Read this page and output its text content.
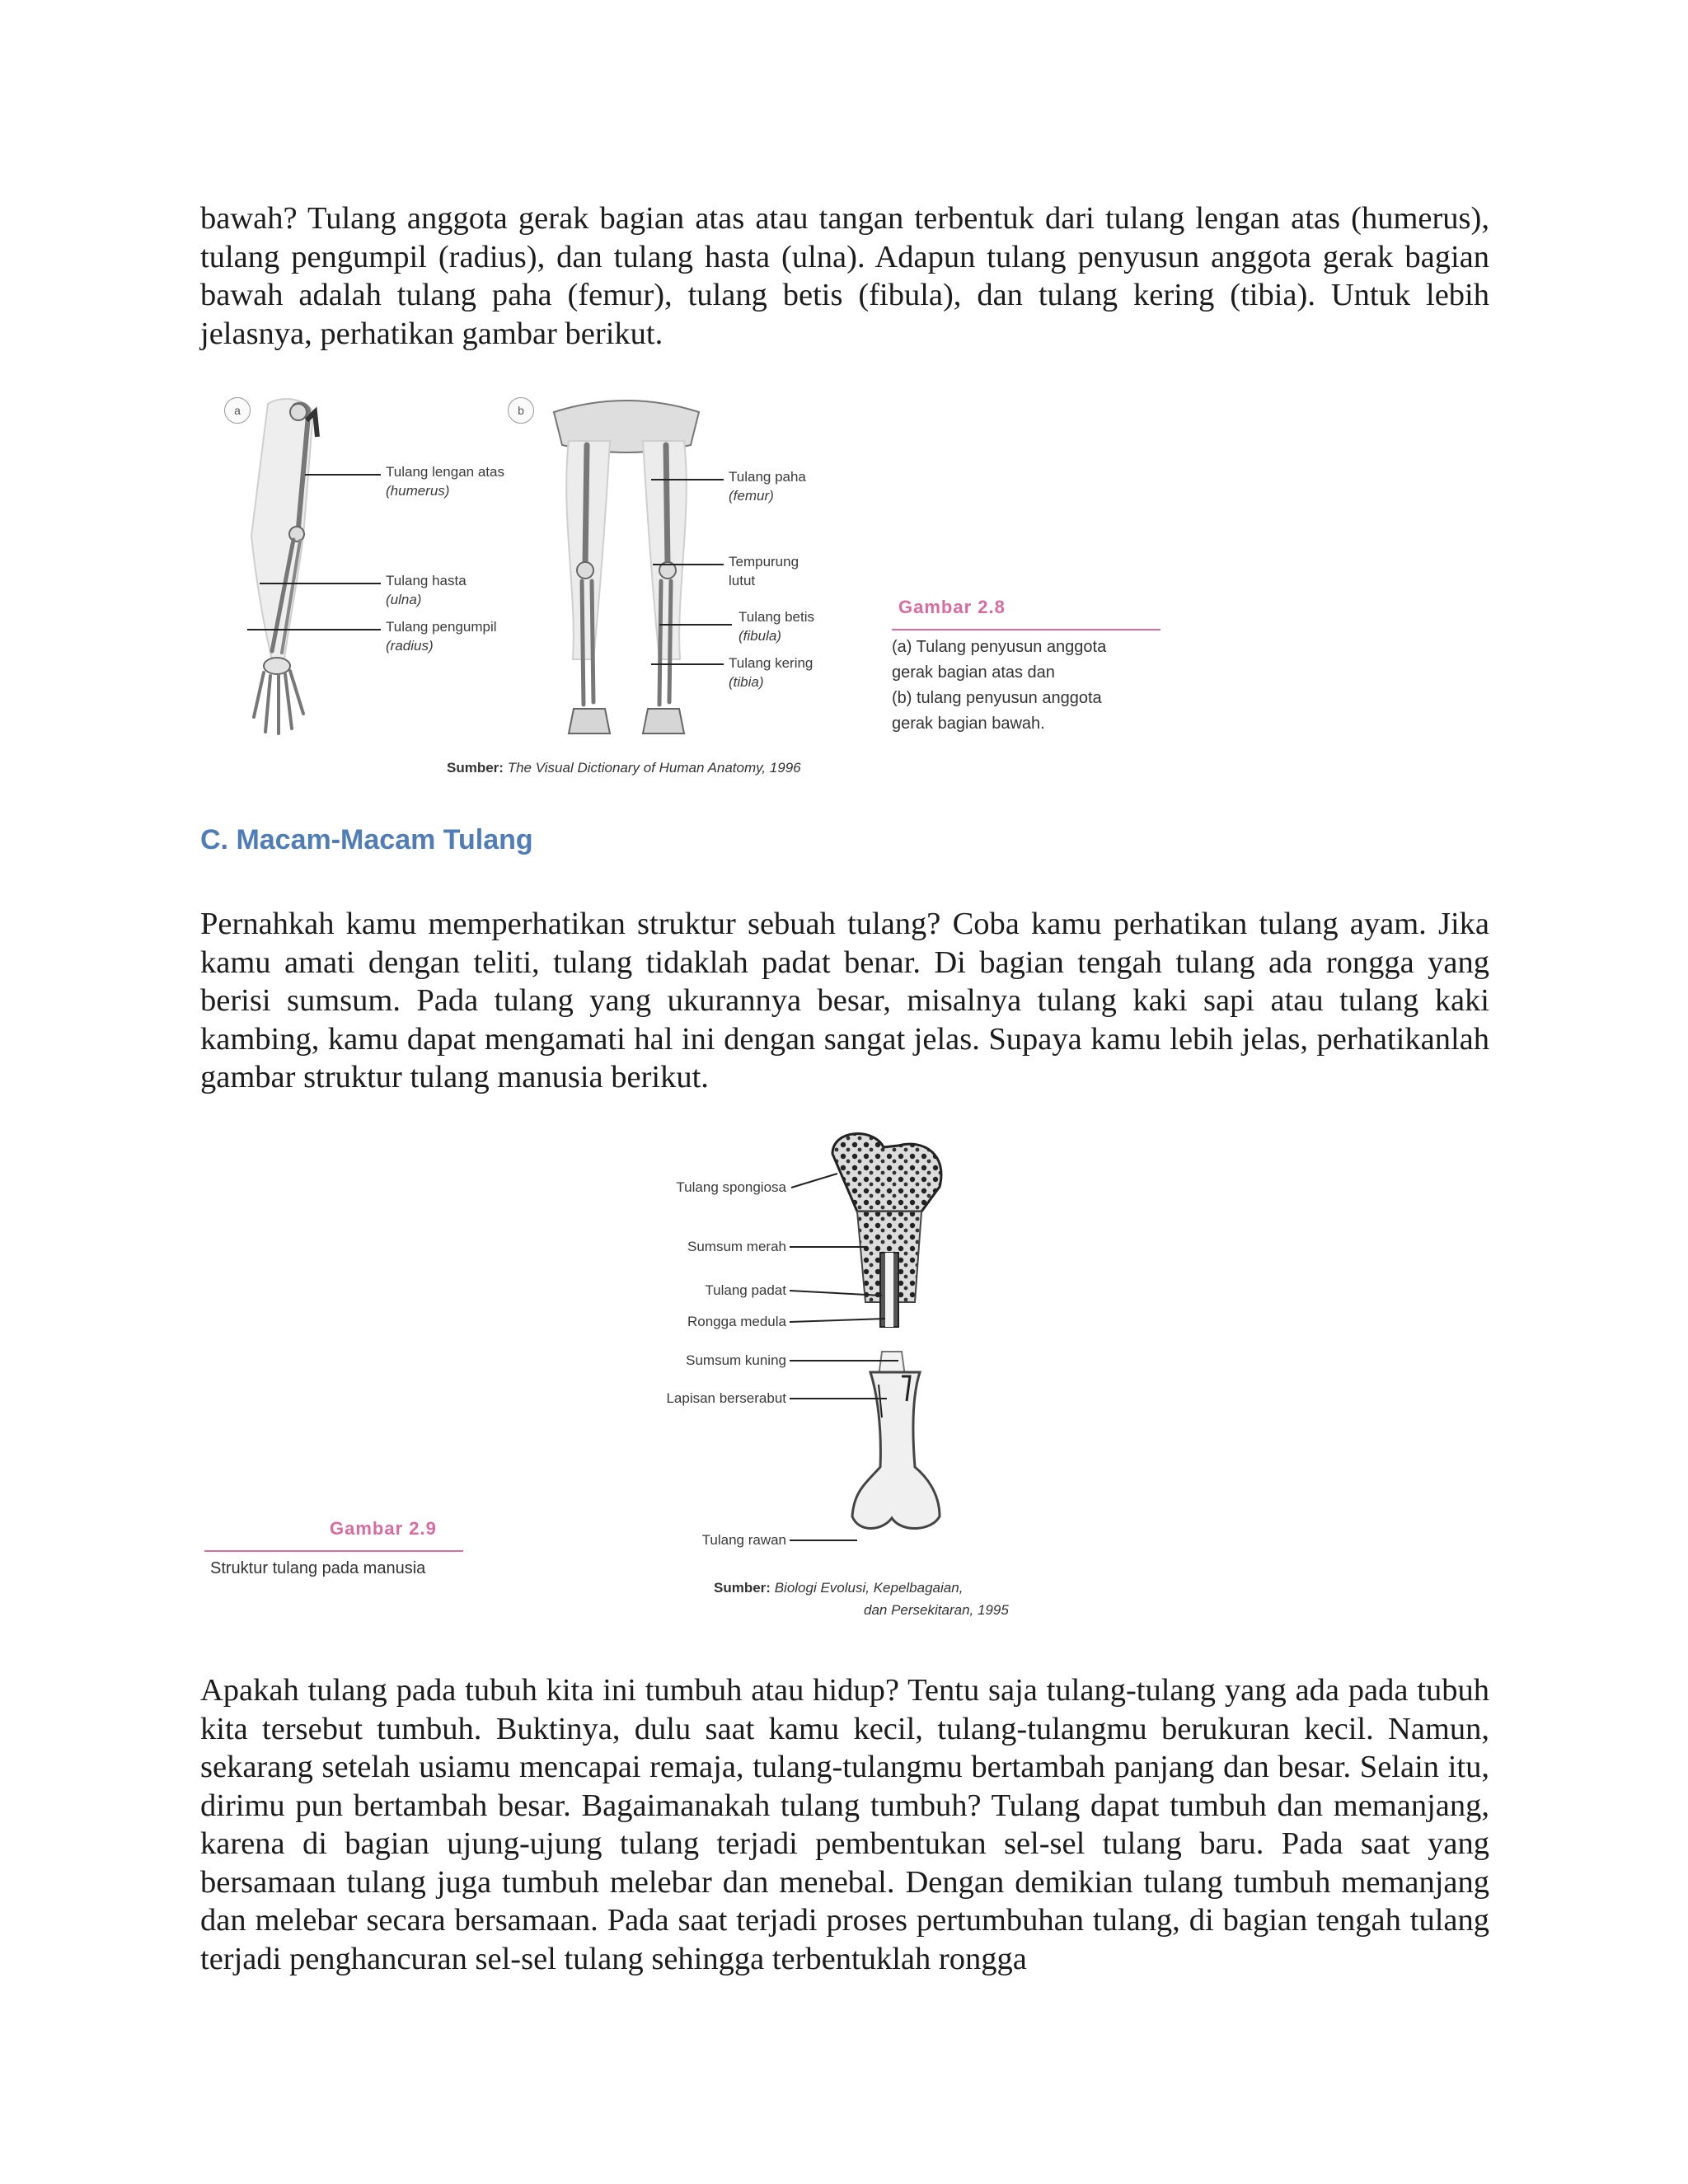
bawah? Tulang anggota gerak bagian atas atau tangan terbentuk dari tulang lengan atas (humerus), tulang pengumpil (radius), dan tulang hasta (ulna). Adapun tulang penyusun anggota gerak bagian bawah adalah tulang paha (femur), tulang betis (fibula), dan tulang kering (tibia). Untuk lebih jelasnya, perhatikan gambar berikut.

a	b
Tulang lengan atas
(humerus)
Tulang hasta
(ulna)
Tulang pengumpil
(radius)
Tulang paha
(femur)
Tempurung
lutut
Tulang betis
(fibula)
Tulang kering
(tibia)
Gambar 2.8
(a) Tulang penyusun anggota
gerak bagian atas dan
(b) tulang penyusun anggota
gerak bagian bawah.
Sumber: The Visual Dictionary of Human Anatomy, 1996
C. Macam-Macam Tulang

Pernahkah kamu memperhatikan struktur sebuah tulang? Coba kamu perhatikan tulang ayam. Jika kamu amati dengan teliti, tulang tidaklah padat benar. Di bagian tengah tulang ada rongga yang berisi sumsum. Pada tulang yang ukurannya besar, misalnya tulang kaki sapi atau tulang kaki kambing, kamu dapat mengamati hal ini dengan sangat jelas. Supaya kamu lebih jelas, perhatikanlah gambar struktur tulang manusia berikut.

Tulang spongiosa
Sumsum merah
Tulang padat
Rongga medula
Sumsum kuning
Lapisan berserabut
Tulang rawan
Gambar 2.9
Struktur tulang pada manusia
Sumber: Biologi Evolusi, Kepelbagaian,
dan Persekitaran, 1995

Apakah tulang pada tubuh kita ini tumbuh atau hidup? Tentu saja tulang-tulang yang ada pada tubuh kita tersebut tumbuh. Buktinya, dulu saat kamu kecil, tulang-tulangmu berukuran kecil. Namun, sekarang setelah usiamu mencapai remaja, tulang-tulangmu bertambah panjang dan besar. Selain itu, dirimu pun bertambah besar. Bagaimanakah tulang tumbuh? Tulang dapat tumbuh dan memanjang, karena di bagian ujung-ujung tulang terjadi pembentukan sel-sel tulang baru. Pada saat yang bersamaan tulang juga tumbuh melebar dan menebal. Dengan demikian tulang tumbuh memanjang dan melebar secara bersamaan. Pada saat terjadi proses pertumbuhan tulang, di bagian tengah tulang terjadi penghancuran sel-sel tulang sehingga terbentuklah rongga
